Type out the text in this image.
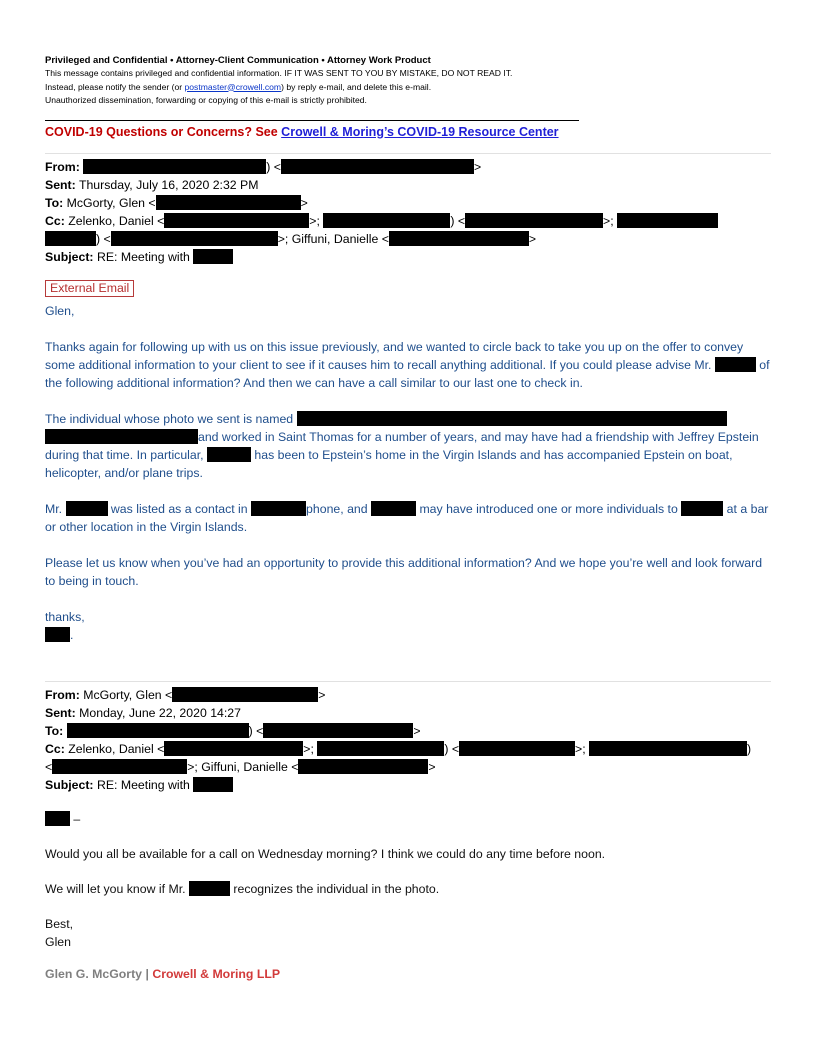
Privileged and Confidential • Attorney-Client Communication • Attorney Work Product
This message contains privileged and confidential information. IF IT WAS SENT TO YOU BY MISTAKE, DO NOT READ IT.
Instead, please notify the sender (or postmaster@crowell.com) by reply e-mail, and delete this e-mail.
Unauthorized dissemination, forwarding or copying of this e-mail is strictly prohibited.
COVID-19 Questions or Concerns? See Crowell & Moring’s COVID-19 Resource Center
From:	) <	>
Sent: Thursday, July 16, 2020 2:32 PM
To: McGorty, Glen <	>
Cc: Zelenko, Daniel <	>;	) <	>;
) <	>; Giffuni, Danielle <	>
Subject: RE: Meeting with
External Email

Glen,

Thanks again for following up with us on this issue previously, and we wanted to circle back to take you up on the offer to convey some additional information to your client to see if it causes him to recall anything additional. If you could please advise Mr.	of the following additional information? And then we can have a call similar to our last one to check in.

The individual whose photo we sent is named  and worked in Saint Thomas for a number of years, and may have had a friendship with Jeffrey Epstein during that time. In particular,	has been to Epstein’s home in the Virgin Islands and has accompanied Epstein on boat, helicopter, and/or plane trips.

Mr.	was listed as a contact in	phone, and	may have introduced one or more individuals to	at a bar or other location in the Virgin Islands.

Please let us know when you’ve had an opportunity to provide this additional information? And we hope you’re well and look forward to being in touch.

thanks,
.
From: McGorty, Glen <	>
Sent: Monday, June 22, 2020 14:27
To:	) <	>
Cc: Zelenko, Daniel <	>;	) <	>;	)
<	>; Giffuni, Danielle <	>
Subject: RE: Meeting with

–

Would you all be available for a call on Wednesday morning? I think we could do any time before noon.

We will let you know if Mr.	recognizes the individual in the photo.

Best,
Glen
Glen G. McGorty | Crowell & Moring LLP
